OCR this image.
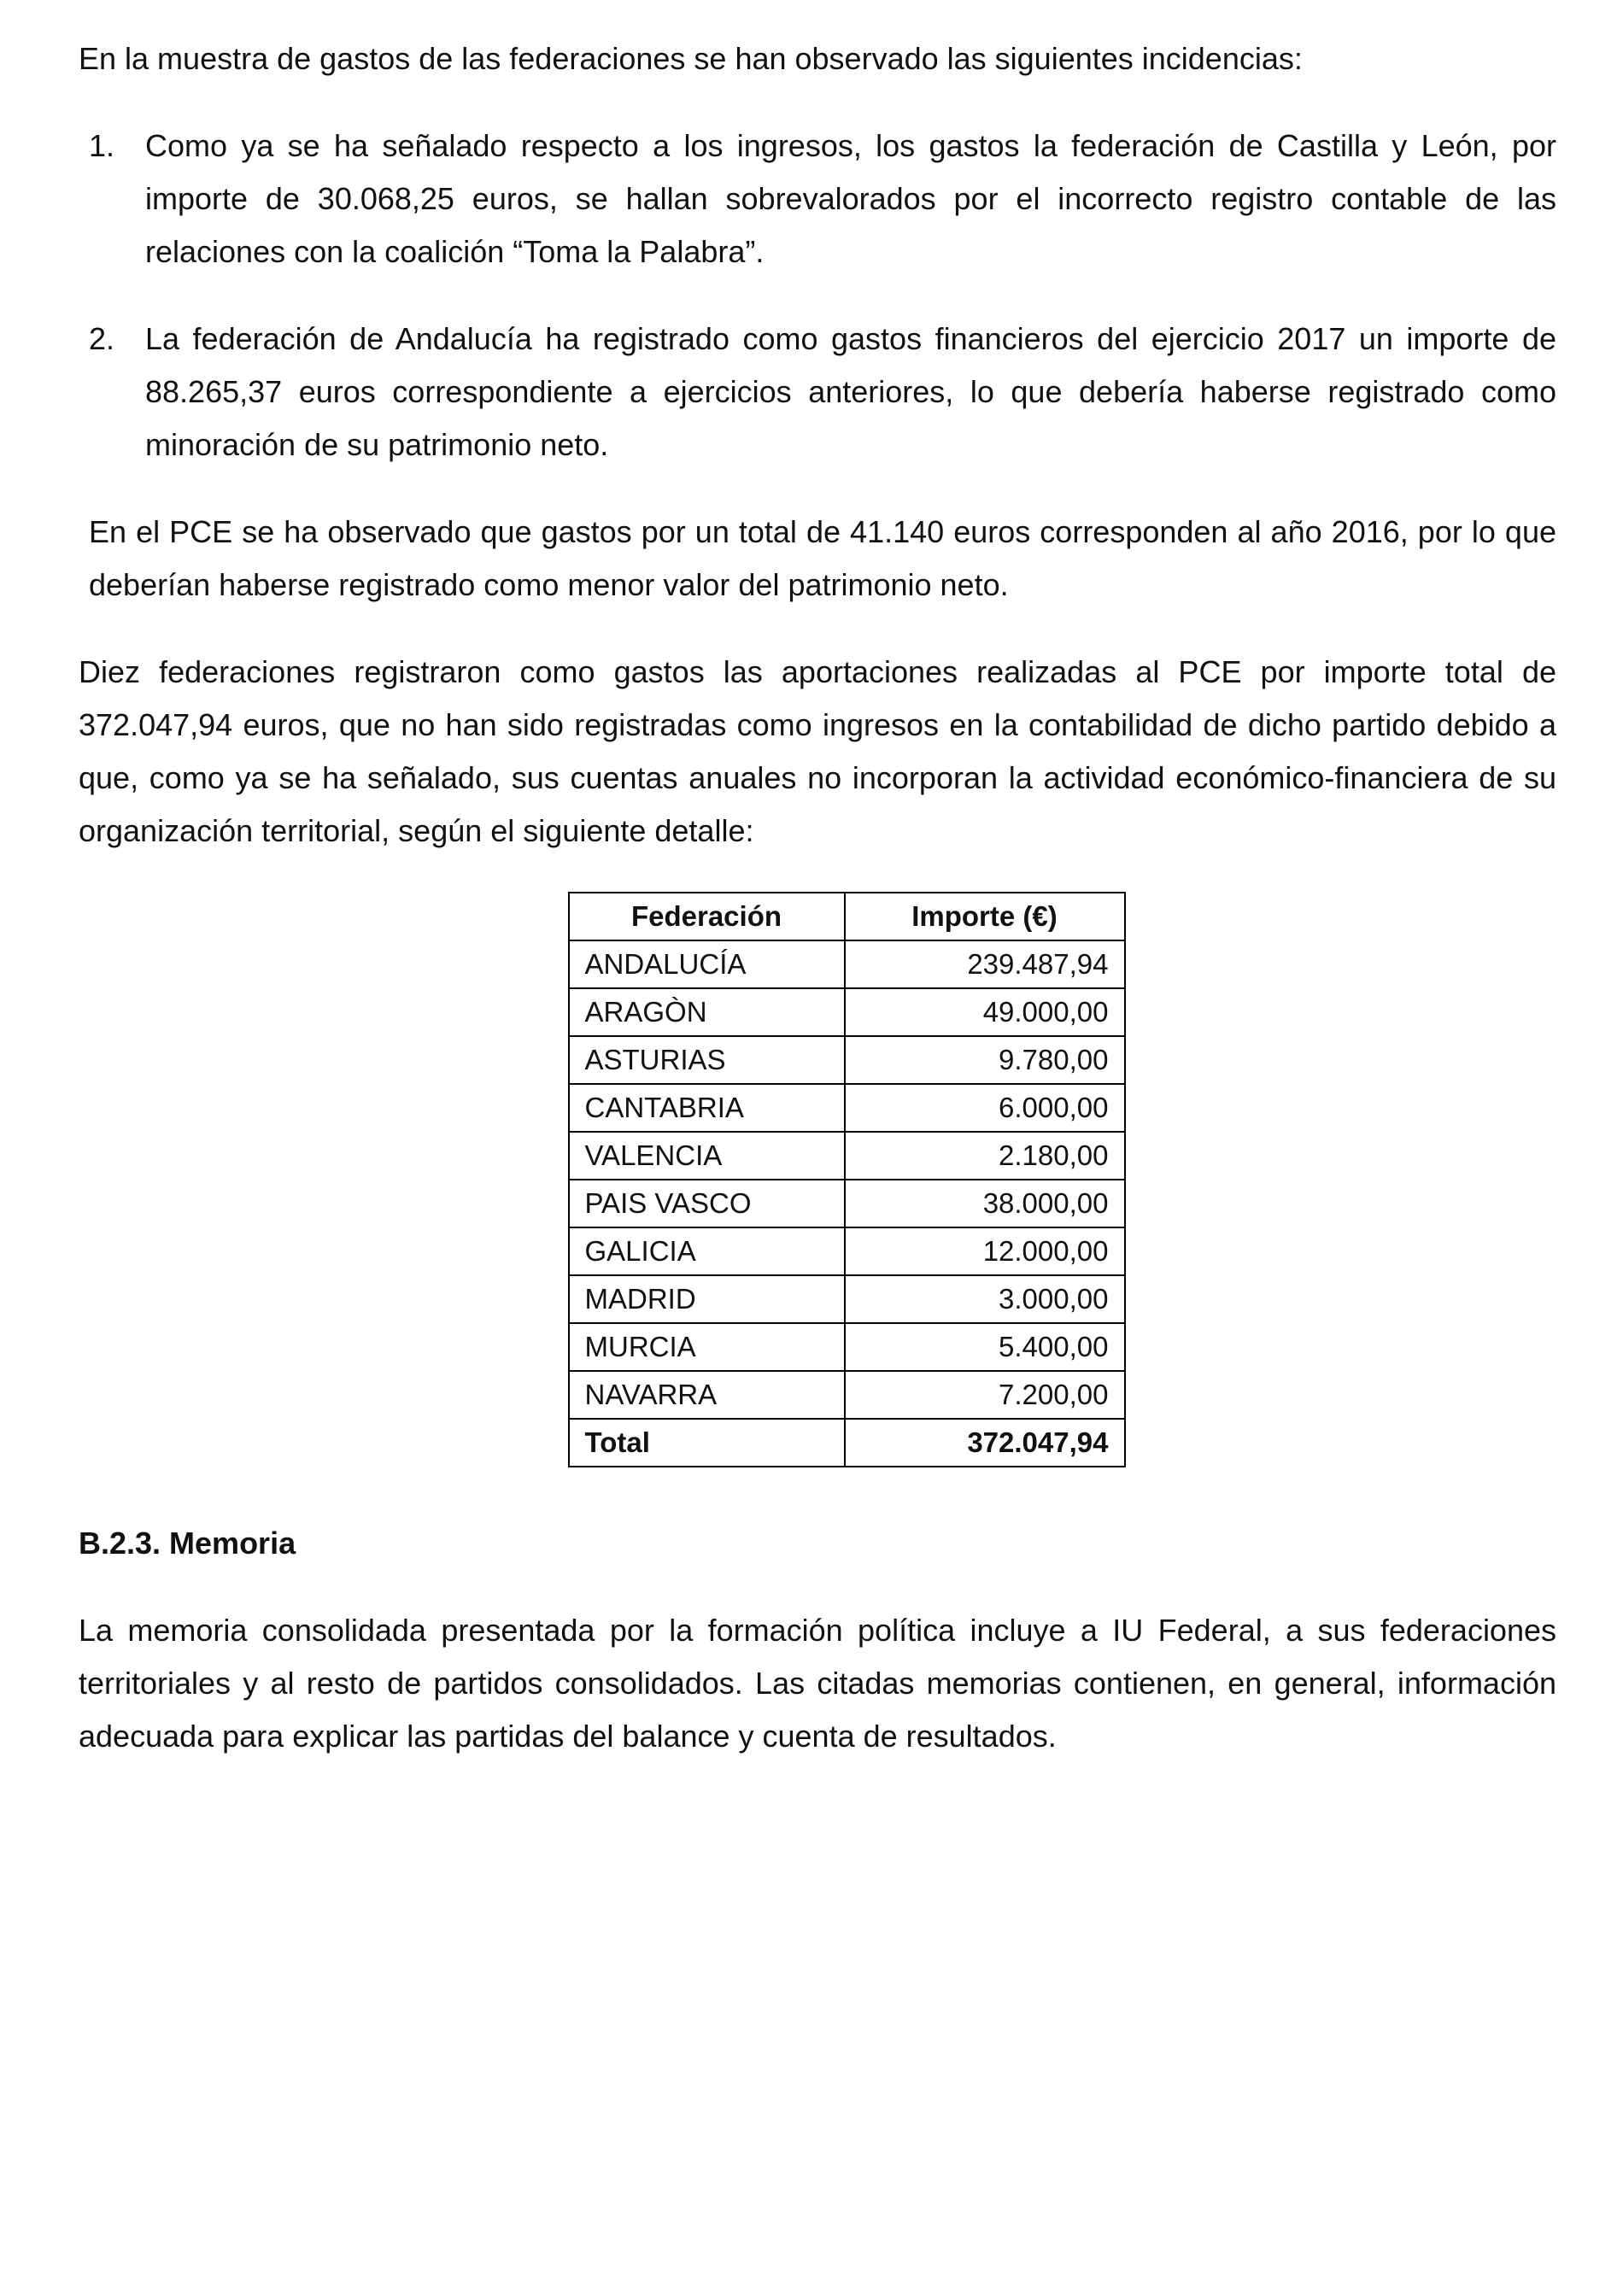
En la muestra de gastos de las federaciones se han observado las siguientes incidencias:

1. Como ya se ha señalado respecto a los ingresos, los gastos la federación de Castilla y León, por importe de 30.068,25 euros, se hallan sobrevalorados por el incorrecto registro contable de las relaciones con la coalición “Toma la Palabra”.

2. La federación de Andalucía ha registrado como gastos financieros del ejercicio 2017 un importe de 88.265,37 euros correspondiente a ejercicios anteriores, lo que debería haberse registrado como minoración de su patrimonio neto.

En el PCE se ha observado que gastos por un total de 41.140 euros corresponden al año 2016, por lo que deberían haberse registrado como menor valor del patrimonio neto.

Diez federaciones registraron como gastos las aportaciones realizadas al PCE por importe total de 372.047,94 euros, que no han sido registradas como ingresos en la contabilidad de dicho partido debido a que, como ya se ha señalado, sus cuentas anuales no incorporan la actividad económico-financiera de su organización territorial, según el siguiente detalle:

Federación	Importe (€)
ANDALUCÍA	239.487,94
ARAGÒN	49.000,00
ASTURIAS	9.780,00
CANTABRIA	6.000,00
VALENCIA	2.180,00
PAIS VASCO	38.000,00
GALICIA	12.000,00
MADRID	3.000,00
MURCIA	5.400,00
NAVARRA	7.200,00
Total	372.047,94
B.2.3. Memoria

La memoria consolidada presentada por la formación política incluye a IU Federal, a sus federaciones territoriales y al resto de partidos consolidados. Las citadas memorias contienen, en general, información adecuada para explicar las partidas del balance y cuenta de resultados.
